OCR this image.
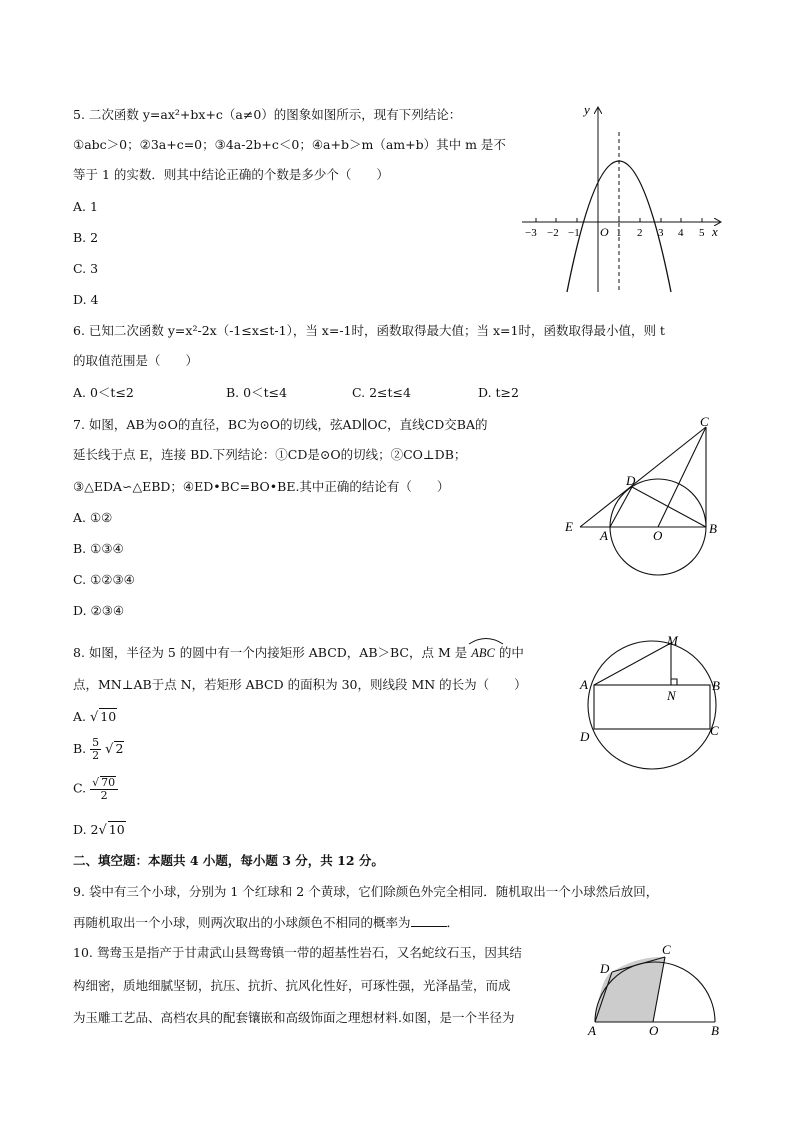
5. 二次函数 y=ax²+bx+c（a≠0）的图象如图所示，现有下列结论：
①abc＞0；②3a+c=0；③4a-2b+c＜0；④a+b＞m（am+b）其中 m 是不
等于 1 的实数．则其中结论正确的个数是多少个（　　）
A. 1
B. 2
C. 3
D. 4
y
x
O
−3 −2 −1	1 2 3 4 5
6. 已知二次函数 y=x²-2x（-1≤x≤t-1），当 x=-1时，函数取得最大值；当 x=1时，函数取得最小值，则 t
的取值范围是（　　）
A. 0＜t≤2	B. 0＜t≤4	C. 2≤t≤4	D. t≥2
7. 如图，AB为⊙O的直径，BC为⊙O的切线，弦AD∥OC，直线CD交BA的
延长线于点 E，连接 BD.下列结论：①CD是⊙O的切线；②CO⊥DB；
③△EDA∽△EBD；④ED•BC=BO•BE.其中正确的结论有（　　）
A. ①②
B. ①③④
C. ①②③④
D. ②③④
C
D
E
A	O	B
8. 如图，半径为 5 的圆中有一个内接矩形 ABCD，AB＞BC，点 M 是 ABC 的中
点，MN⊥AB于点 N，若矩形 ABCD 的面积为 30，则线段 MN 的长为（　　）
A. √ 10
B. $\frac{5}{2}$ √ 2
C. $\frac{√ 70}{2}$
D. 2√ 10
M
A
N
B
D	C
二、填空题：本题共 4 小题，每小题 3 分，共 12 分。
9. 袋中有三个小球，分别为 1 个红球和 2 个黄球，它们除颜色外完全相同．随机取出一个小球然后放回，
再随机取出一个小球，则两次取出的小球颜色不相同的概率为	．
10. 鸳鸯玉是指产于甘肃武山县鸳鸯镇一带的超基性岩石，又名蛇纹石玉，因其结
构细密，质地细腻坚韧，抗压、抗折、抗风化性好，可琢性强，光泽晶莹，而成
为玉雕工艺品、高档农具的配套镶嵌和高级饰面之理想材料.如图，是一个半径为
C
D
A	O	B
